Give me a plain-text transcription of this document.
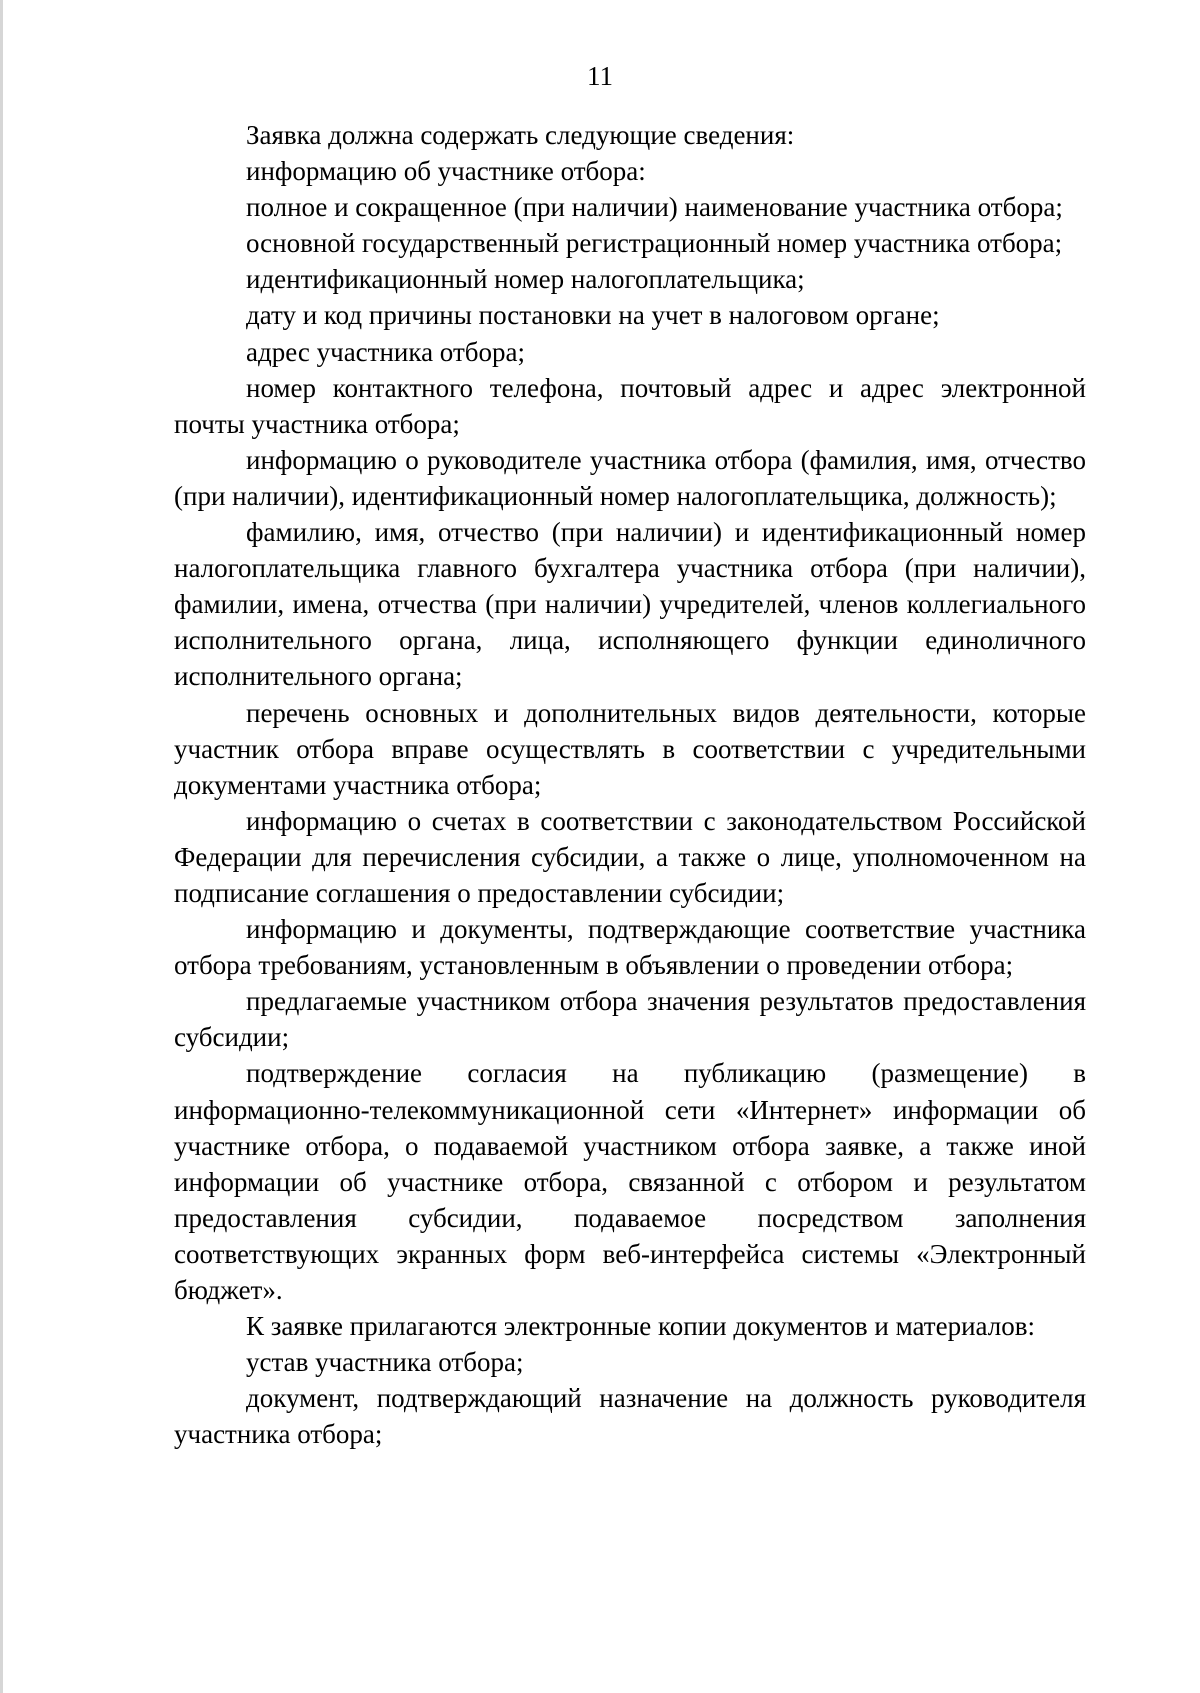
11

Заявка должна содержать следующие сведения:

информацию об участнике отбора:

полное и сокращенное (при наличии) наименование участника отбора;

основной государственный регистрационный номер участника отбора;

идентификационный номер налогоплательщика;

дату и код причины постановки на учет в налоговом органе;

адрес участника отбора;

номер контактного телефона, почтовый адрес и адрес электронной почты участника отбора;

информацию о руководителе участника отбора (фамилия, имя, отчество (при наличии), идентификационный номер налогоплательщика, должность);

фамилию, имя, отчество (при наличии) и идентификационный номер налогоплательщика главного бухгалтера участника отбора (при наличии), фамилии, имена, отчества (при наличии) учредителей, членов коллегиального исполнительного органа, лица, исполняющего функции единоличного исполнительного органа;

перечень основных и дополнительных видов деятельности, которые участник отбора вправе осуществлять в соответствии с учредительными документами участника отбора;

информацию о счетах в соответствии с законодательством Российской Федерации для перечисления субсидии, а также о лице, уполномоченном на подписание соглашения о предоставлении субсидии;

информацию и документы, подтверждающие соответствие участника отбора требованиям, установленным в объявлении о проведении отбора;

предлагаемые участником отбора значения результатов предоставления субсидии;

подтверждение согласия на публикацию (размещение) в информационно-телекоммуникационной сети «Интернет» информации об участнике отбора, о подаваемой участником отбора заявке, а также иной информации об участнике отбора, связанной с отбором и результатом предоставления субсидии, подаваемое посредством заполнения соответствующих экранных форм веб-интерфейса системы «Электронный бюджет».

К заявке прилагаются электронные копии документов и материалов:

устав участника отбора;

документ, подтверждающий назначение на должность руководителя участника отбора;
